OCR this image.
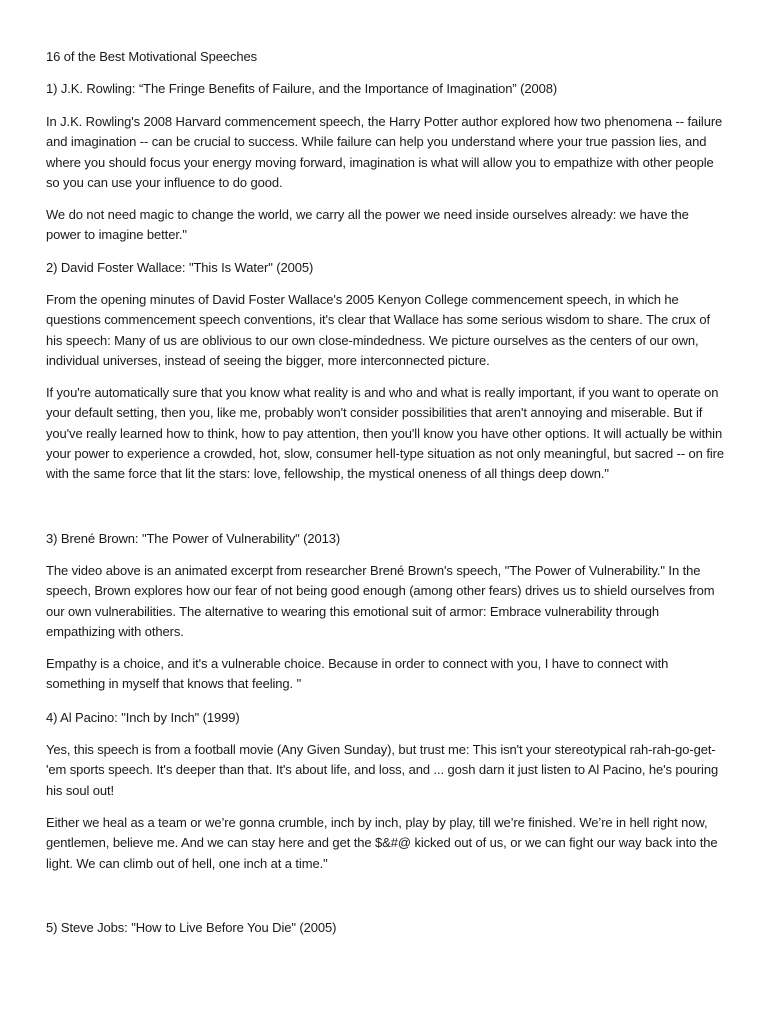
16 of the Best Motivational Speeches

1) J.K. Rowling: “The Fringe Benefits of Failure, and the Importance of Imagination” (2008)

In J.K. Rowling's 2008 Harvard commencement speech, the Harry Potter author explored how two phenomena -- failure and imagination -- can be crucial to success. While failure can help you understand where your true passion lies, and where you should focus your energy moving forward, imagination is what will allow you to empathize with other people so you can use your influence to do good.

We do not need magic to change the world, we carry all the power we need inside ourselves already: we have the power to imagine better."

2) David Foster Wallace: "This Is Water" (2005)

From the opening minutes of David Foster Wallace's 2005 Kenyon College commencement speech, in which he questions commencement speech conventions, it's clear that Wallace has some serious wisdom to share. The crux of his speech: Many of us are oblivious to our own close-mindedness. We picture ourselves as the centers of our own, individual universes, instead of seeing the bigger, more interconnected picture.

If you're automatically sure that you know what reality is and who and what is really important, if you want to operate on your default setting, then you, like me, probably won't consider possibilities that aren't annoying and miserable. But if you've really learned how to think, how to pay attention, then you'll know you have other options. It will actually be within your power to experience a crowded, hot, slow, consumer hell-type situation as not only meaningful, but sacred -- on fire with the same force that lit the stars: love, fellowship, the mystical oneness of all things deep down."

3) Brené Brown: "The Power of Vulnerability" (2013)

The video above is an animated excerpt from researcher Brené Brown's speech, "The Power of Vulnerability." In the speech, Brown explores how our fear of not being good enough (among other fears) drives us to shield ourselves from our own vulnerabilities. The alternative to wearing this emotional suit of armor: Embrace vulnerability through empathizing with others.

Empathy is a choice, and it's a vulnerable choice. Because in order to connect with you, I have to connect with something in myself that knows that feeling. "

4) Al Pacino: "Inch by Inch" (1999)

Yes, this speech is from a football movie (Any Given Sunday), but trust me: This isn't your stereotypical rah-rah-go-get-'em sports speech. It's deeper than that. It's about life, and loss, and ... gosh darn it just listen to Al Pacino, he's pouring his soul out!

Either we heal as a team or we’re gonna crumble, inch by inch, play by play, till we’re finished. We’re in hell right now, gentlemen, believe me. And we can stay here and get the $&#@ kicked out of us, or we can fight our way back into the light. We can climb out of hell, one inch at a time."

5) Steve Jobs: "How to Live Before You Die" (2005)
